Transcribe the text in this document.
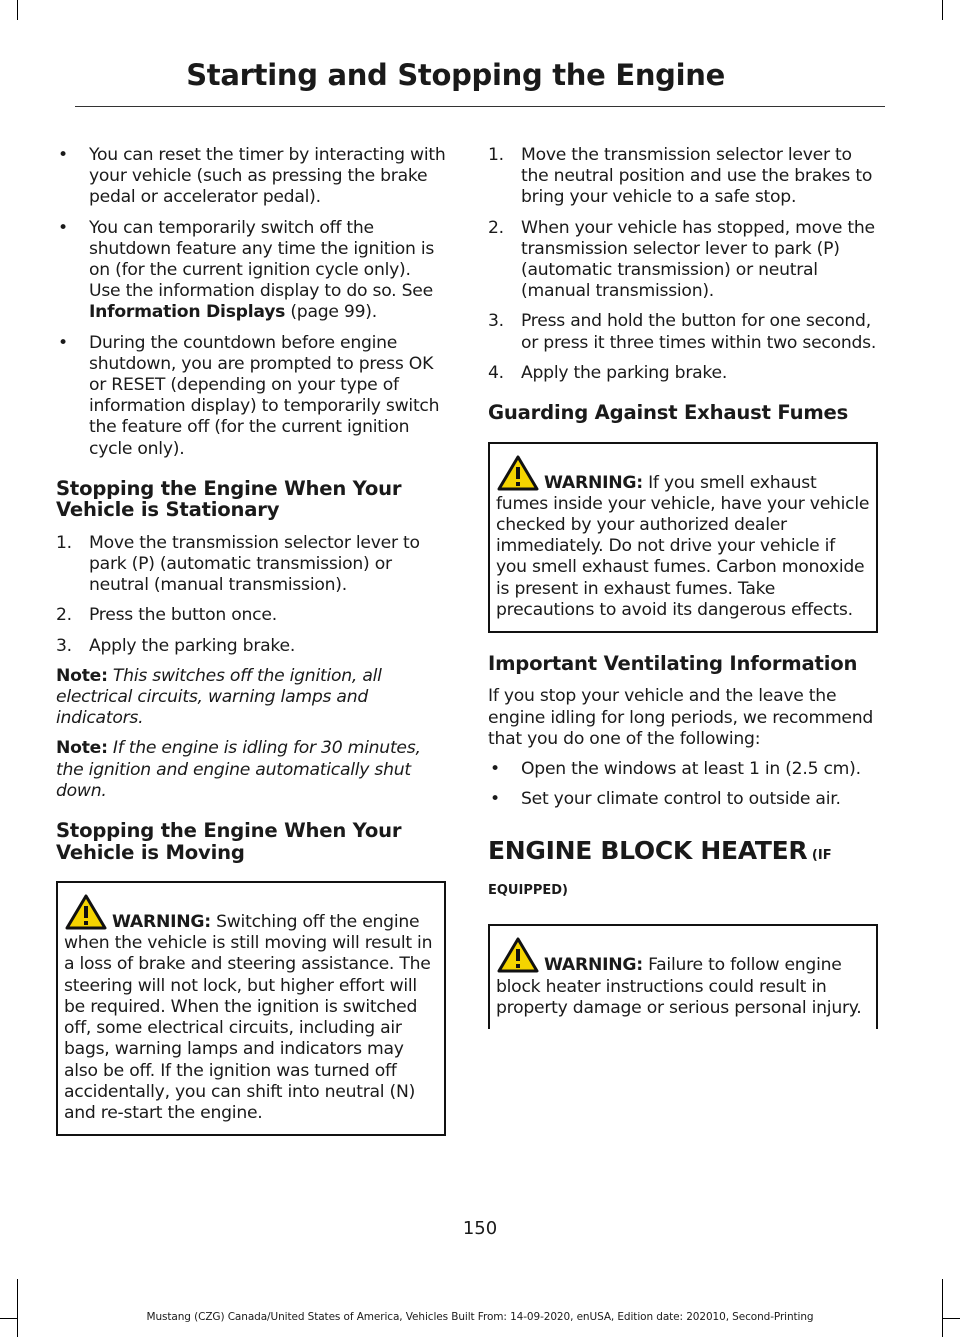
Starting and Stopping the Engine
• You can reset the timer by interacting with your vehicle (such as pressing the brake pedal or accelerator pedal).
• You can temporarily switch off the shutdown feature any time the ignition is on (for the current ignition cycle only). Use the information display to do so. See Information Displays (page 99).
• During the countdown before engine shutdown, you are prompted to press OK or RESET (depending on your type of information display) to temporarily switch the feature off (for the current ignition cycle only).
Stopping the Engine When Your Vehicle is Stationary
1. Move the transmission selector lever to park (P) (automatic transmission) or neutral (manual transmission).
2. Press the button once.
3. Apply the parking brake.
Note: This switches off the ignition, all electrical circuits, warning lamps and indicators.
Note: If the engine is idling for 30 minutes, the ignition and engine automatically shut down.
Stopping the Engine When Your Vehicle is Moving
WARNING: Switching off the engine when the vehicle is still moving will result in a loss of brake and steering assistance. The steering will not lock, but higher effort will be required. When the ignition is switched off, some electrical circuits, including air bags, warning lamps and indicators may also be off. If the ignition was turned off accidentally, you can shift into neutral (N) and re-start the engine.
1. Move the transmission selector lever to the neutral position and use the brakes to bring your vehicle to a safe stop.
2. When your vehicle has stopped, move the transmission selector lever to park (P) (automatic transmission) or neutral (manual transmission).
3. Press and hold the button for one second, or press it three times within two seconds.
4. Apply the parking brake.
Guarding Against Exhaust Fumes
WARNING: If you smell exhaust fumes inside your vehicle, have your vehicle checked by your authorized dealer immediately. Do not drive your vehicle if you smell exhaust fumes. Carbon monoxide is present in exhaust fumes. Take precautions to avoid its dangerous effects.
Important Ventilating Information
If you stop your vehicle and the leave the engine idling for long periods, we recommend that you do one of the following:
• Open the windows at least 1 in (2.5 cm).
• Set your climate control to outside air.
ENGINE BLOCK HEATER (IF EQUIPPED)
WARNING: Failure to follow engine block heater instructions could result in property damage or serious personal injury.
150
Mustang (CZG) Canada/United States of America, Vehicles Built From: 14-09-2020, enUSA, Edition date: 202010, Second-Printing
